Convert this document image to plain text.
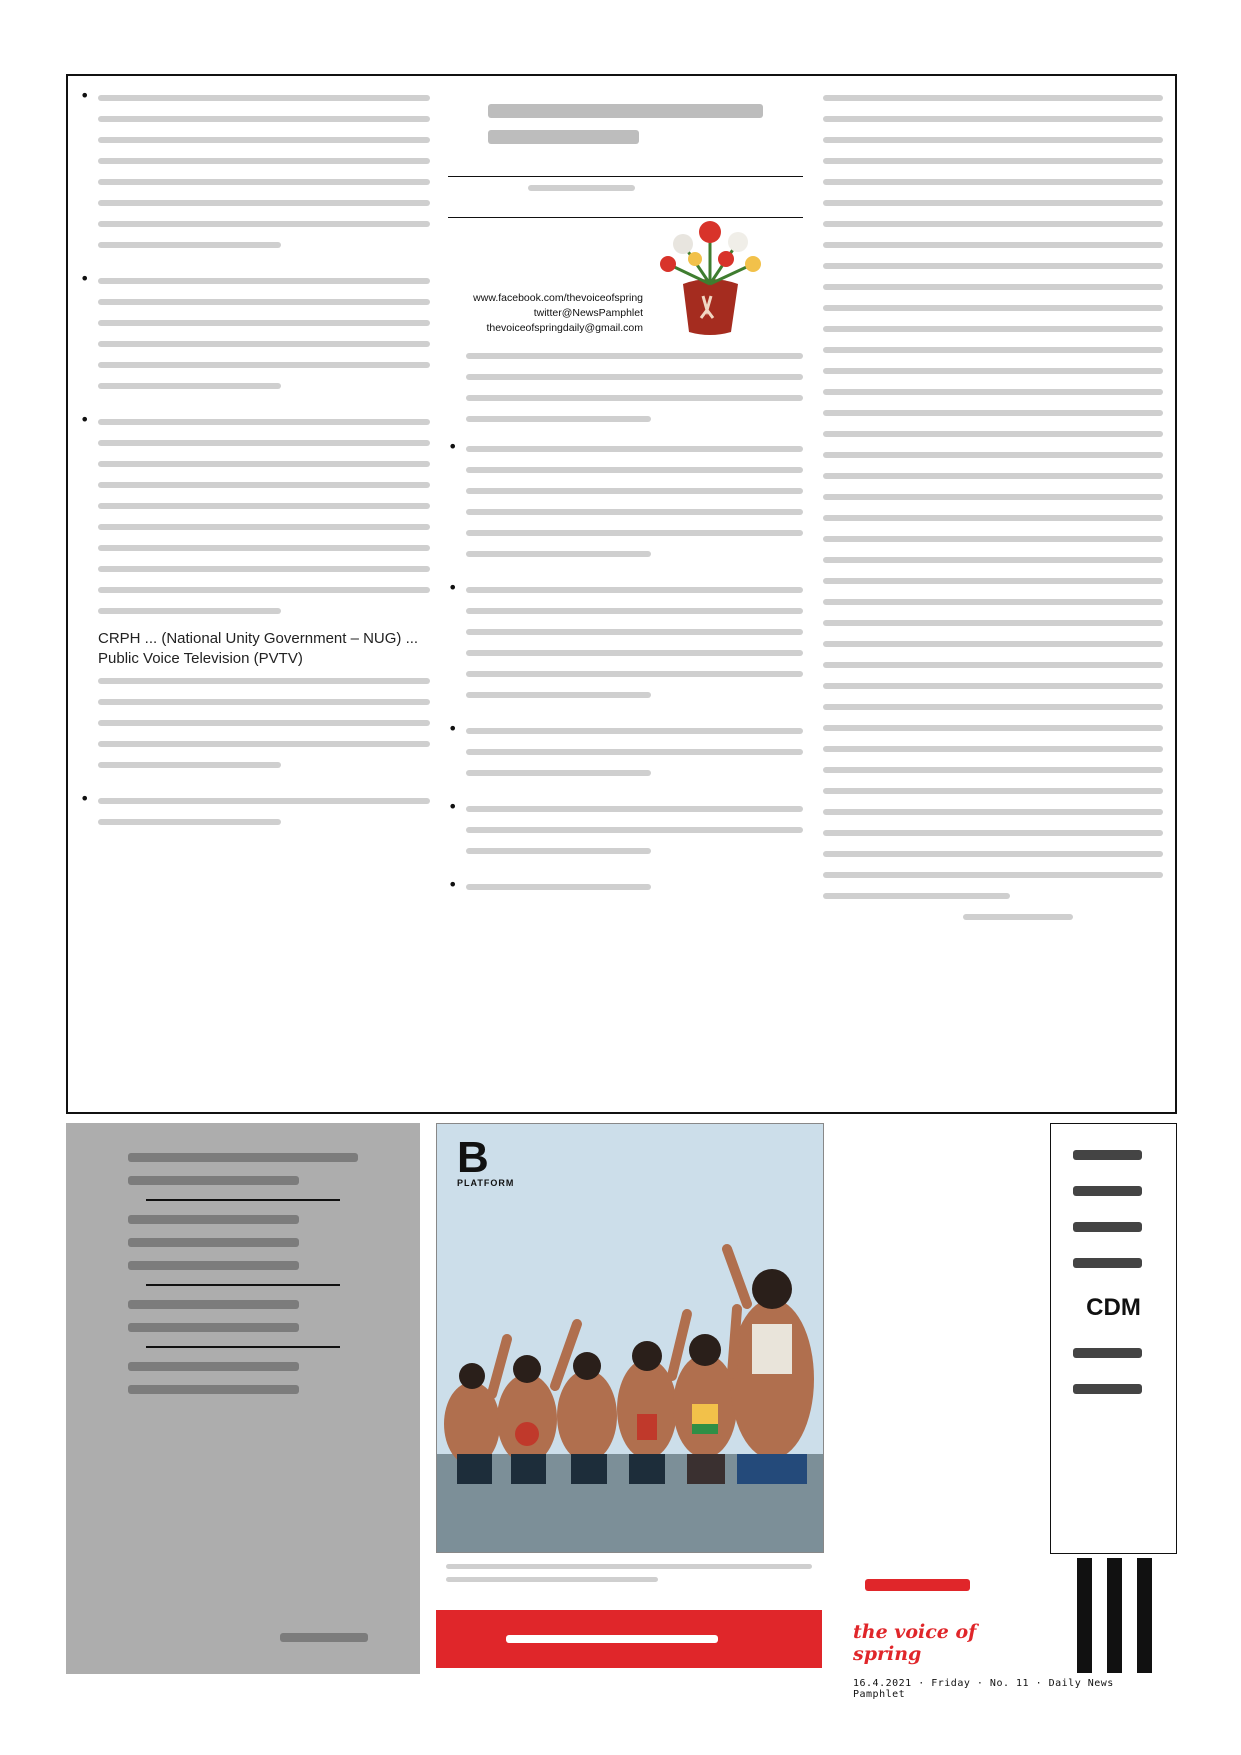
•
•
•
CRPH ... (National Unity Government – NUG) ... Public Voice Television (PVTV)
•
www.facebook.com/thevoiceofspring
twitter@NewsPamphlet
thevoiceofspringdaily@gmail.com
•
•
•
•
•
B
PLATFORM
CDM
the voice of spring
16.4.2021 · Friday · No. 11 · Daily News Pamphlet
